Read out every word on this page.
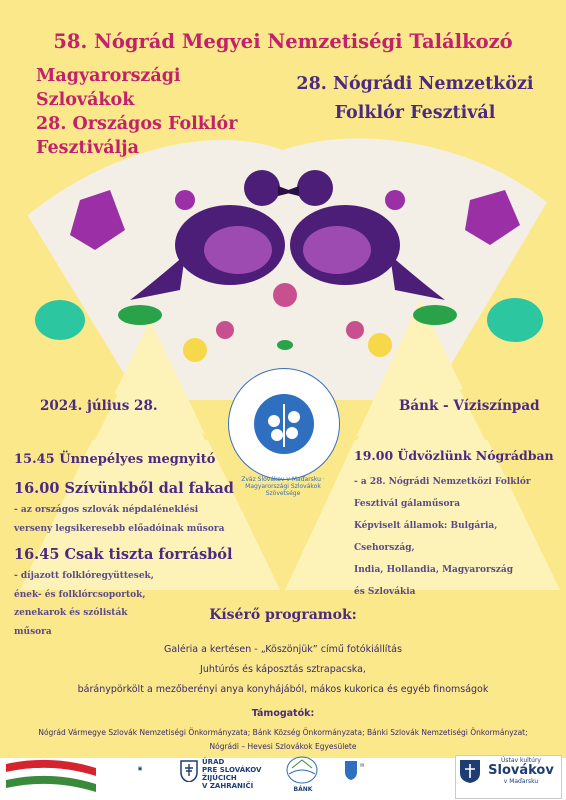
58. Nógrád Megyei Nemzetiségi Találkozó
Magyarországi
Szlovákok
28. Országos Folklór
Fesztiválja
28. Nógrádi Nemzetközi
Folklór Fesztivál
2024. július 28.	Bánk - Víziszínpad
Zväz Slovákov v Maďarsku · Magyarországi Szlovákok Szövetsége
15.45 Ünnepélyes megnyitó
16.00 Szívünkből dal fakad
- az országos szlovák népdaléneklési
verseny legsikeresebb előadóinak műsora
16.45 Csak tiszta forrásból
- díjazott folklóregyüttesek,
ének- és folklórcsoportok,
zenekarok és szólisták
műsora
19.00 Üdvözlünk Nógrádban
- a 28. Nógrádi Nemzetközi Folklór
Fesztivál gálaműsora
Képviselt államok: Bulgária, Csehország,
India, Hollandia, Magyarország
és Szlovákia
Kísérő programok:
Galéria a kertésen - „Köszönjük” című fotókiállítás
Juhtúrós és káposztás sztrapacska,
báránypörkölt a mezőberényi anya konyhájából, mákos kukorica és egyéb finomságok
Támogatók:
Nógrád Vármegye Szlovák Nemzetiségi Önkormányzata; Bánk Község Önkormányzata; Bánki Szlovák Nemzetiségi Önkormányzat;
Nógrádi – Hevesi Szlovákok Egyesülete
▣
ÚRAD
PRE SLOVÁKOV
ŽIJÚCICH
V ZAHRANIČÍ	BÁNK
▤
Ústav kultúry
Slovákov
v Maďarsku
